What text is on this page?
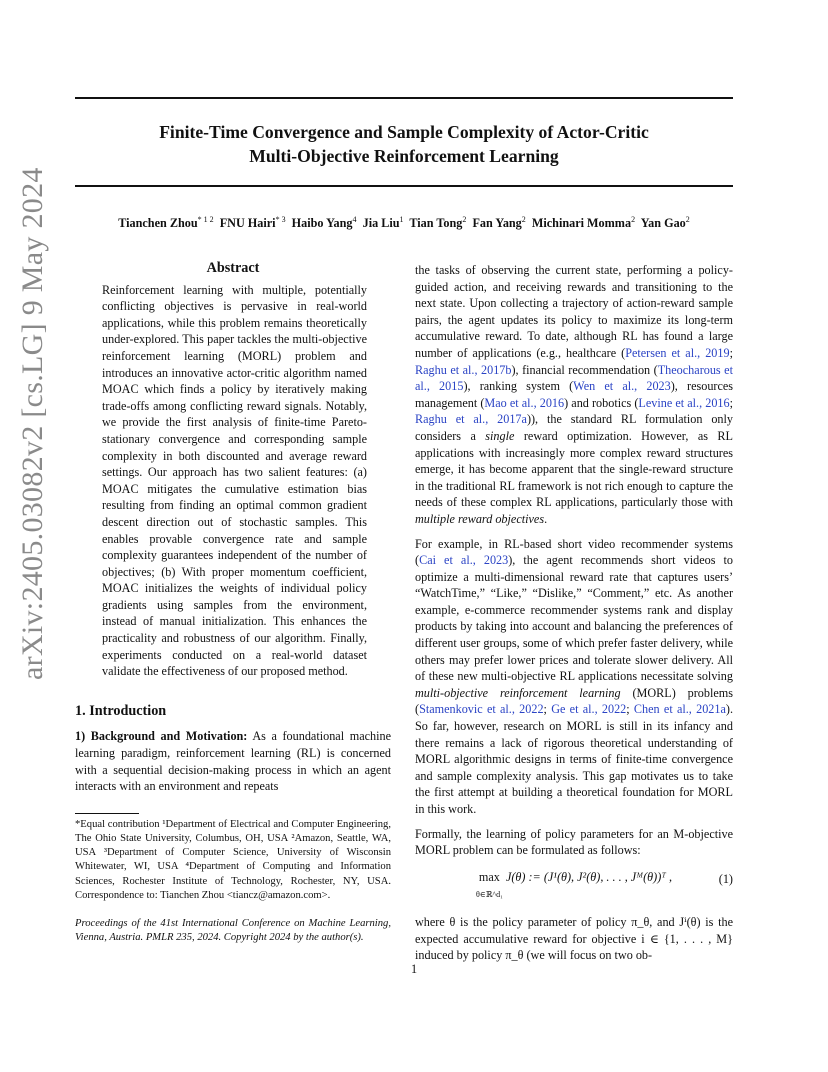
Finite-Time Convergence and Sample Complexity of Actor-Critic
Multi-Objective Reinforcement Learning
Tianchen Zhou$^{* 1 2}$ FNU Hairi$^{* 3}$ Haibo Yang$^4$ Jia Liu$^1$ Tian Tong$^2$ Fan Yang$^2$ Michinari Momma$^2$ Yan Gao$^2$
arXiv:2405.03082v2 [cs.LG] 9 May 2024	Abstract
Reinforcement learning with multiple, potentially conflicting objectives is pervasive in real-world applications, while this problem remains theoretically under-explored. This paper tackles the multi-objective reinforcement learning (MORL) problem and introduces an innovative actor-critic algorithm named MOAC which finds a policy by iteratively making trade-offs among conflicting reward signals. Notably, we provide the first analysis of finite-time Pareto-stationary convergence and corresponding sample complexity in both discounted and average reward settings. Our approach has two salient features: (a) MOAC mitigates the cumulative estimation bias resulting from finding an optimal common gradient descent direction out of stochastic samples. This enables provable convergence rate and sample complexity guarantees independent of the number of objectives; (b) With proper momentum coefficient, MOAC initializes the weights of individual policy gradients using samples from the environment, instead of manual initialization. This enhances the practicality and robustness of our algorithm. Finally, experiments conducted on a real-world dataset validate the effectiveness of our proposed method.
1. Introduction

1) Background and Motivation: As a foundational machine learning paradigm, reinforcement learning (RL) is concerned with a sequential decision-making process in which an agent interacts with an environment and repeats

*Equal contribution ¹Department of Electrical and Computer Engineering, The Ohio State University, Columbus, OH, USA ²Amazon, Seattle, WA, USA ³Department of Computer Science, University of Wisconsin Whitewater, WI, USA ⁴Department of Computing and Information Sciences, Rochester Institute of Technology, Rochester, NY, USA. Correspondence to: Tianchen Zhou <tiancz@amazon.com>.
Proceedings of the 41st International Conference on Machine Learning, Vienna, Austria. PMLR 235, 2024. Copyright 2024 by the author(s).

the tasks of observing the current state, performing a policy-guided action, and receiving rewards and transitioning to the next state. Upon collecting a trajectory of action-reward sample pairs, the agent updates its policy to maximize its long-term accumulative reward. To date, although RL has found a large number of applications (e.g., healthcare (Petersen et al., 2019; Raghu et al., 2017b), financial recommendation (Theocharous et al., 2015), ranking system (Wen et al., 2023), resources management (Mao et al., 2016) and robotics (Levine et al., 2016; Raghu et al., 2017a)), the standard RL formulation only considers a single reward optimization. However, as RL applications with increasingly more complex reward structures emerge, it has become apparent that the single-reward structure in the traditional RL framework is not rich enough to capture the needs of these complex RL applications, particularly those with multiple reward objectives.

For example, in RL-based short video recommender systems (Cai et al., 2023), the agent recommends short videos to optimize a multi-dimensional reward rate that captures users’ “WatchTime,” “Like,” “Dislike,” “Comment,” etc. As another example, e-commerce recommender systems rank and display products by taking into account and balancing the preferences of different user groups, some of which prefer faster delivery, while others may prefer lower prices and tolerate slower delivery. All of these new multi-objective RL applications necessitate solving multi-objective reinforcement learning (MORL) problems (Stamenkovic et al., 2022; Ge et al., 2022; Chen et al., 2021a). So far, however, research on MORL is still in its infancy and there remains a lack of rigorous theoretical understanding of MORL algorithmic designs in terms of finite-time convergence and sample complexity analysis. This gap motivates us to take the first attempt at building a theoretical foundation for MORL in this work.

Formally, the learning of policy parameters for an M-objective MORL problem can be formulated as follows:

max
θ∈ℝ^d₁ J(θ) := (J¹(θ), J²(θ), . . . , Jᴹ(θ))ᵀ ,	(1)

where θ is the policy parameter of policy π_θ, and Jⁱ(θ) is the expected accumulative reward for objective i ∈ {1, . . . , M} induced by policy π_θ (we will focus on two ob-

1
